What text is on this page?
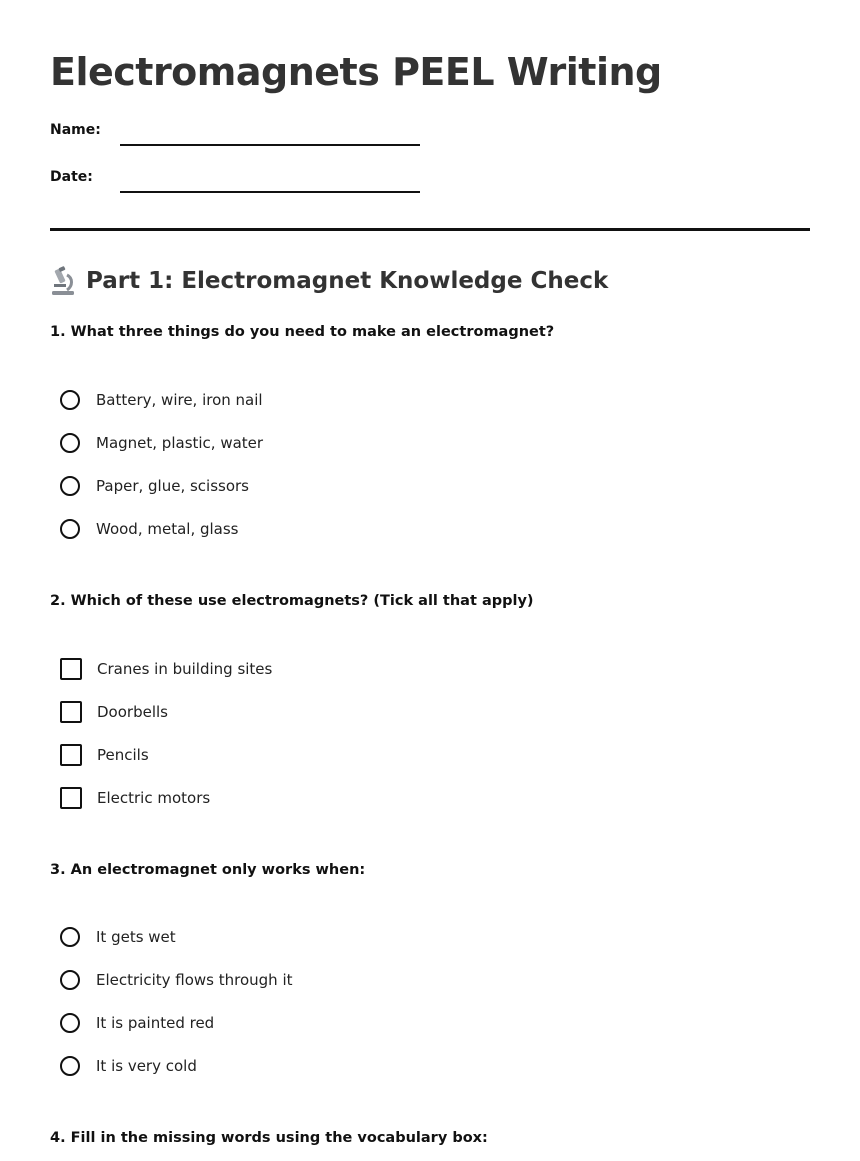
Electromagnets PEEL Writing
Name:
Date:
Part 1: Electromagnet Knowledge Check

1. What three things do you need to make an electromagnet?

Battery, wire, iron nail
Magnet, plastic, water
Paper, glue, scissors
Wood, metal, glass

2. Which of these use electromagnets? (Tick all that apply)

Cranes in building sites
Doorbells
Pencils
Electric motors

3. An electromagnet only works when:

It gets wet
Electricity flows through it
It is painted red
It is very cold

4. Fill in the missing words using the vocabulary box:
